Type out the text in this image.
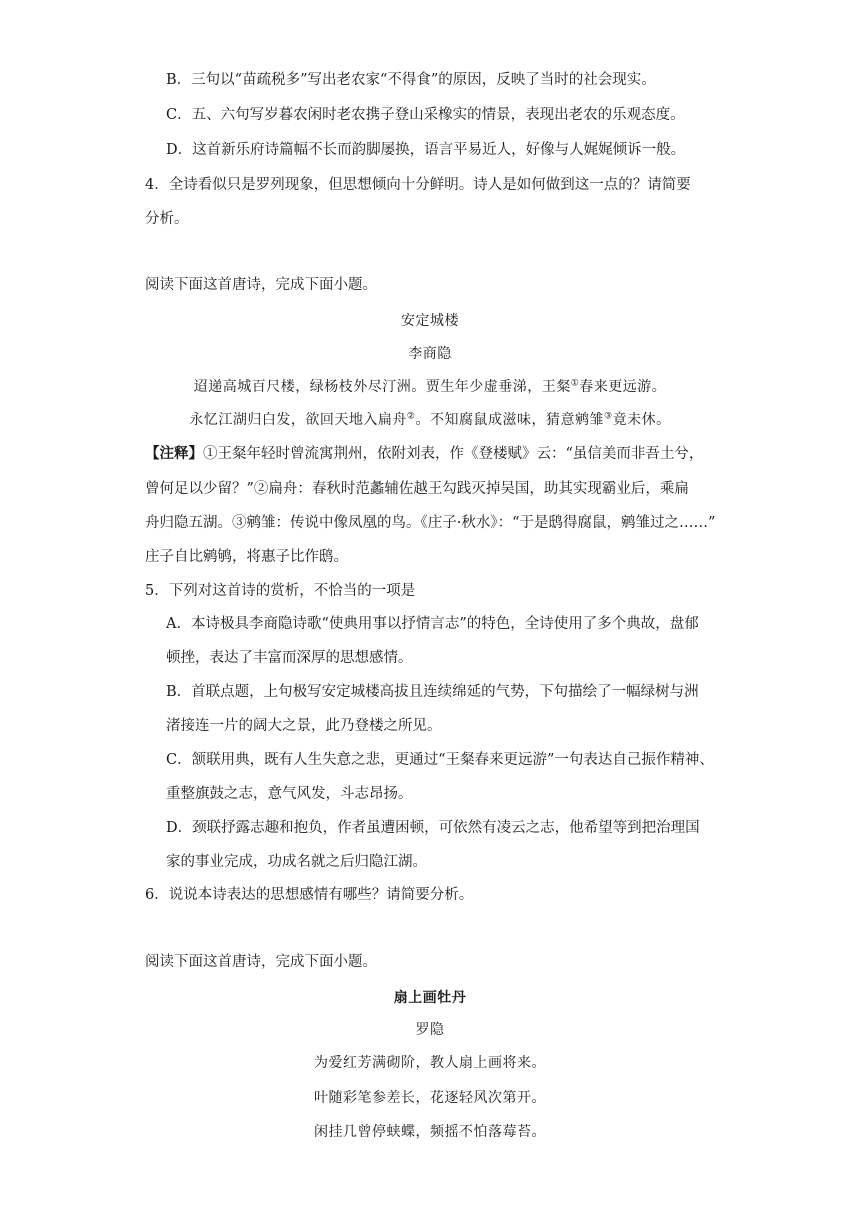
B．三句以“苗疏税多”写出老农家“不得食”的原因，反映了当时的社会现实。
C．五、六句写岁暮农闲时老农携子登山采橡实的情景，表现出老农的乐观态度。
D．这首新乐府诗篇幅不长而韵脚屡换，语言平易近人，好像与人娓娓倾诉一般。
4．全诗看似只是罗列现象，但思想倾向十分鲜明。诗人是如何做到这一点的？请简要
分析。
阅读下面这首唐诗，完成下面小题。
安定城楼
李商隐
迢递高城百尺楼，绿杨枝外尽汀洲。贾生年少虚垂涕，王粲①春来更远游。
永忆江湖归白发，欲回天地入扁舟②。不知腐鼠成滋味，猜意鹓雏③竟未休。
【注释】①王粲年轻时曾流寓荆州，依附刘表，作《登楼赋》云：“虽信美而非吾土兮，
曾何足以少留？”②扁舟：春秋时范蠡辅佐越王勾践灭掉吴国，助其实现霸业后，乘扁
舟归隐五湖。③鹓雏：传说中像凤凰的鸟。《庄子·秋水》：“于是鸱得腐鼠，鹓雏过之……”
庄子自比鹓鸲，将惠子比作鸱。
5．下列对这首诗的赏析，不恰当的一项是
A．本诗极具李商隐诗歌“使典用事以抒情言志”的特色，全诗使用了多个典故，盘郁
顿挫，表达了丰富而深厚的思想感情。
B．首联点题，上句极写安定城楼高拔且连续绵延的气势，下句描绘了一幅绿树与洲
渚接连一片的阔大之景，此乃登楼之所见。
C．颔联用典，既有人生失意之悲，更通过“王粲春来更远游”一句表达自己振作精神、
重整旗鼓之志，意气风发，斗志昂扬。
D．颈联抒露志趣和抱负，作者虽遭困顿，可依然有凌云之志，他希望等到把治理国
家的事业完成，功成名就之后归隐江湖。
6．说说本诗表达的思想感情有哪些？请简要分析。
阅读下面这首唐诗，完成下面小题。
扇上画牡丹
罗隐
为爱红芳满砌阶，教人扇上画将来。
叶随彩笔参差长，花逐轻风次第开。
闲挂几曾停蛱蝶，频摇不怕落莓苔。
